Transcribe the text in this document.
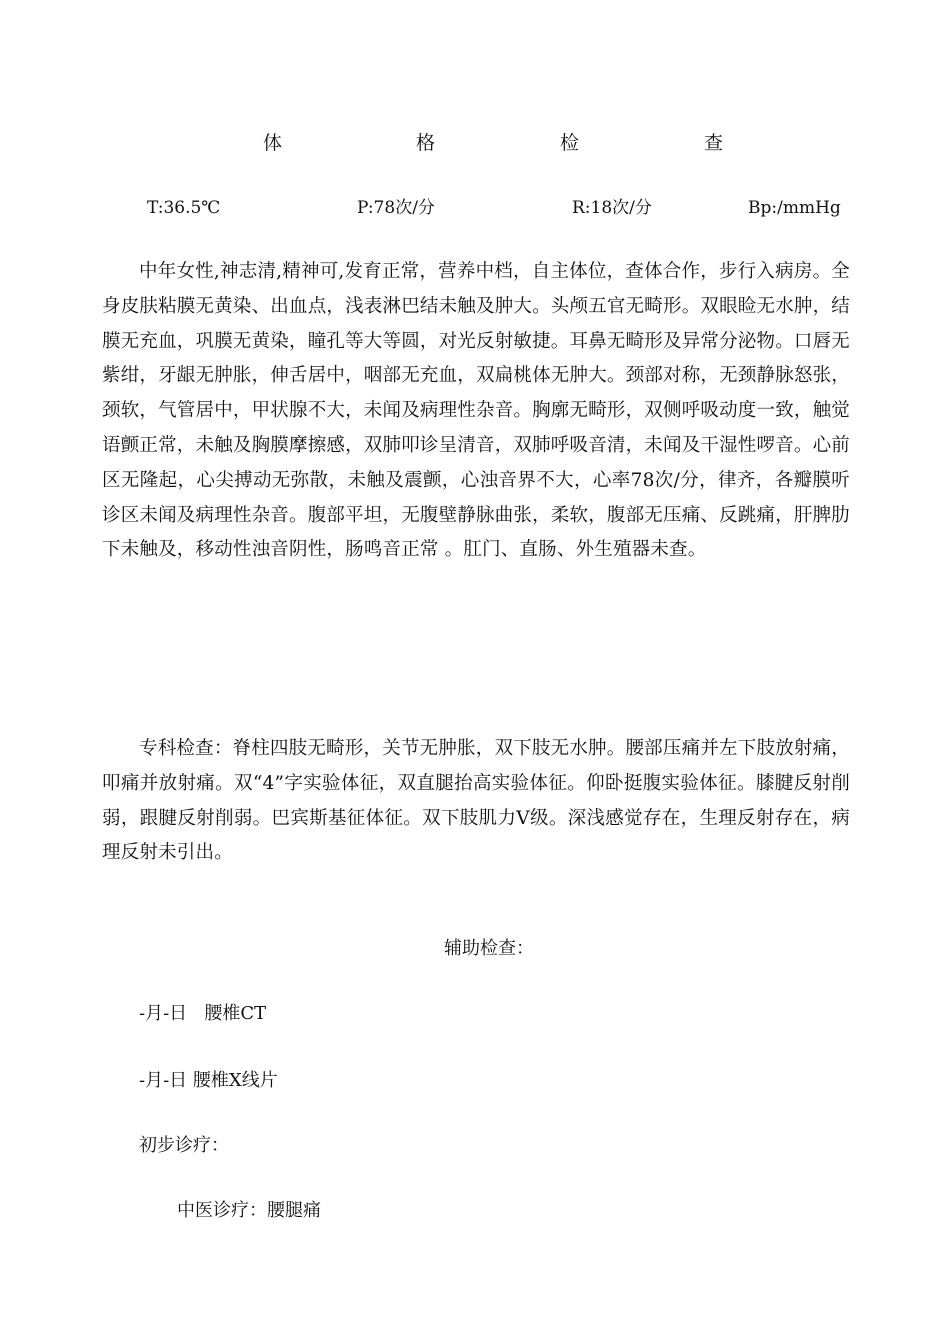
体	格	检	查
T:36.5℃	P:78次/分	R:18次/分	Bp:/mmHg

中年女性,神志清,精神可,发育正常，营养中档，自主体位，查体合作，步行入病房。全身皮肤粘膜无黄染、出血点，浅表淋巴结未触及肿大。头颅五官无畸形。双眼睑无水肿，结膜无充血，巩膜无黄染，瞳孔等大等圆，对光反射敏捷。耳鼻无畸形及异常分泌物。口唇无紫绀，牙龈无肿胀，伸舌居中，咽部无充血，双扁桃体无肿大。颈部对称，无颈静脉怒张，颈软，气管居中，甲状腺不大，未闻及病理性杂音。胸廓无畸形，双侧呼吸动度一致，触觉语颤正常，未触及胸膜摩擦感，双肺叩诊呈清音，双肺呼吸音清，未闻及干湿性啰音。心前区无隆起，心尖搏动无弥散，未触及震颤，心浊音界不大，心率78次/分，律齐，各瓣膜听诊区未闻及病理性杂音。腹部平坦，无腹壁静脉曲张，柔软，腹部无压痛、反跳痛，肝脾肋下未触及，移动性浊音阴性，肠鸣音正常 。肛门、直肠、外生殖器未查。

专科检查：脊柱四肢无畸形，关节无肿胀，双下肢无水肿。腰部压痛并左下肢放射痛，叩痛并放射痛。双“4”字实验体征，双直腿抬高实验体征。仰卧挺腹实验体征。膝腱反射削弱，跟腱反射削弱。巴宾斯基征体征。双下肢肌力Ⅴ级。深浅感觉存在，生理反射存在，病理反射未引出。

辅助检查：
-月-日   腰椎CT
-月-日 腰椎X线片
初步诊疗：
中医诊疗：腰腿痛
